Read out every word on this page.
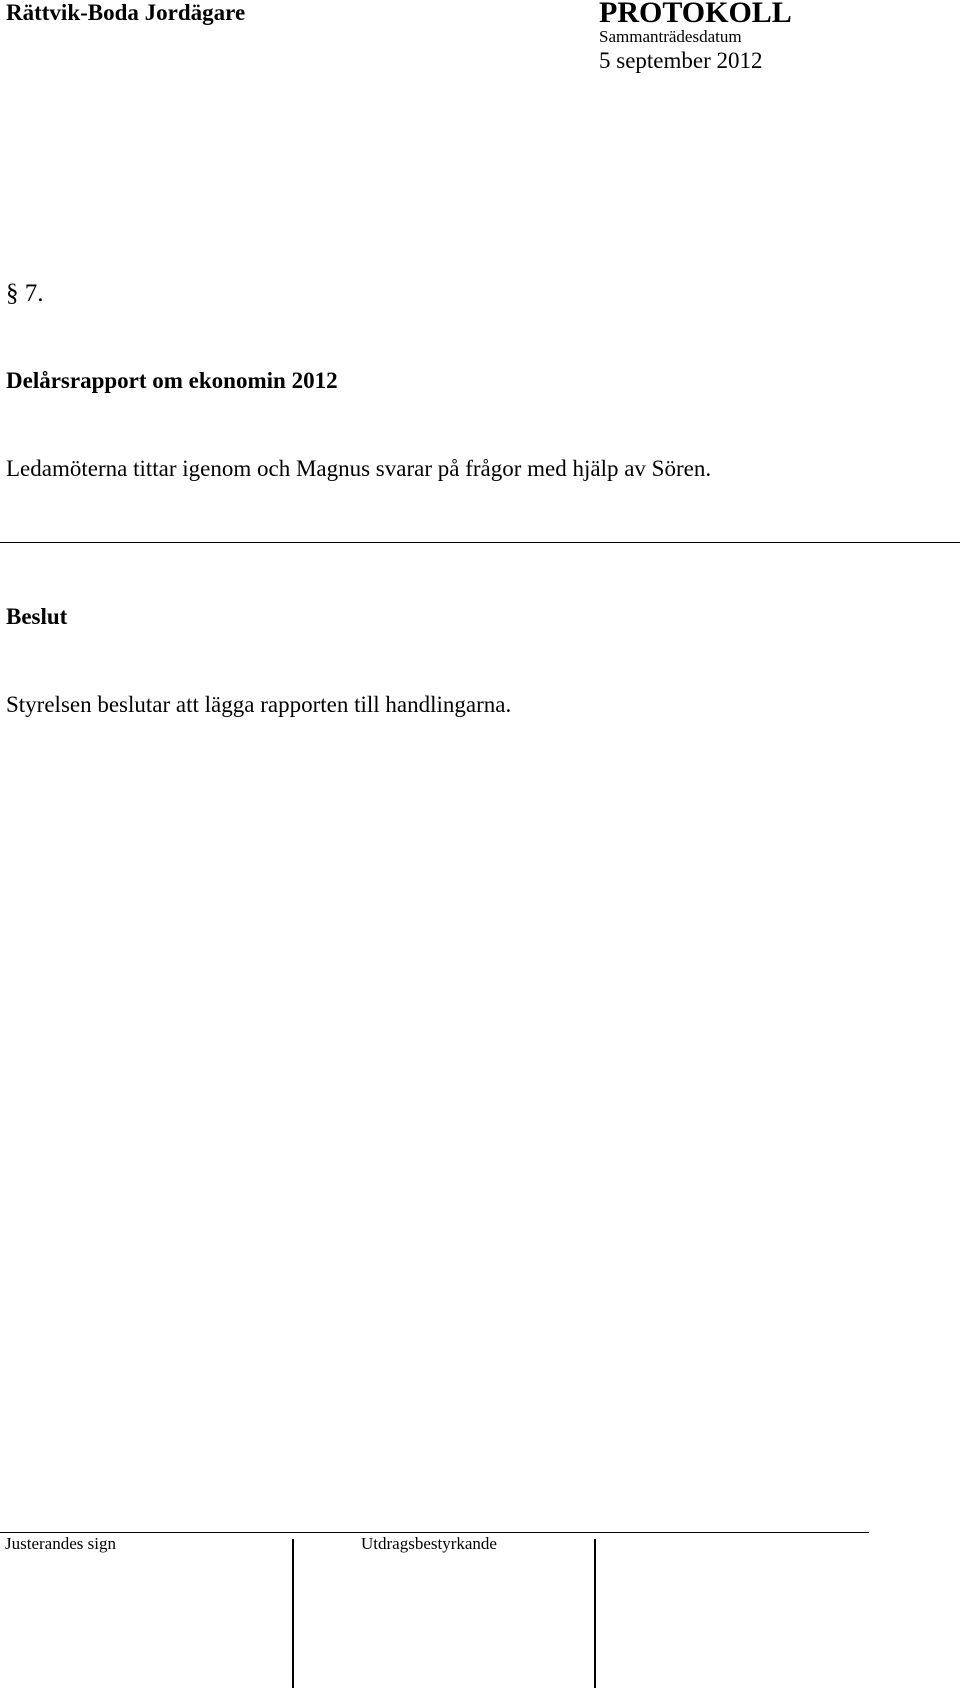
Rättvik-Boda Jordägare	PROTOKOLL
Sammanträdesdatum
5 september 2012
§ 7.
Delårsrapport om ekonomin 2012
Ledamöterna tittar igenom och Magnus svarar på frågor med hjälp av Sören.
Beslut
Styrelsen beslutar att lägga rapporten till handlingarna.
Justerandes sign	Utdragsbestyrkande
